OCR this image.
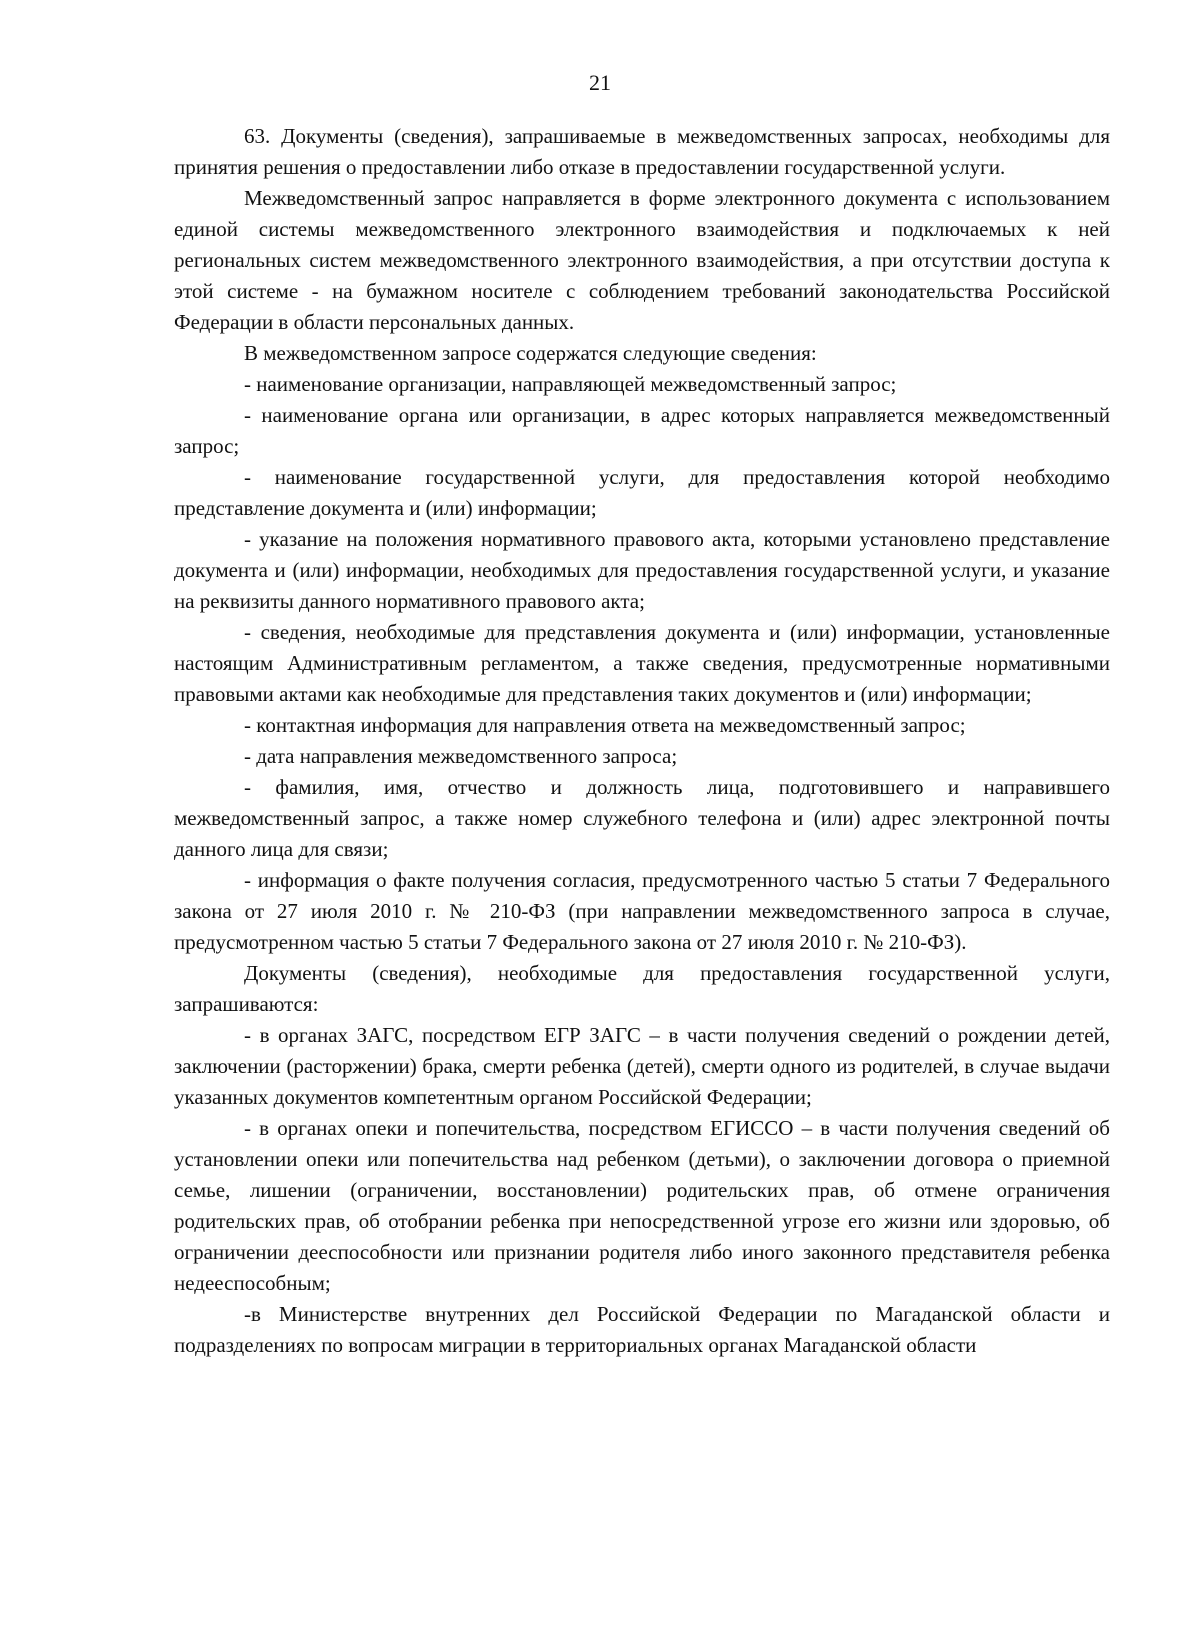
21

63. Документы (сведения), запрашиваемые в межведомственных запросах, необходимы для принятия решения о предоставлении либо отказе в предоставлении государственной услуги.

Межведомственный запрос направляется в форме электронного документа с использованием единой системы межведомственного электронного взаимодействия и подключаемых к ней региональных систем межведомственного электронного взаимодействия, а при отсутствии доступа к этой системе - на бумажном носителе с соблюдением требований законодательства Российской Федерации в области персональных данных.

В межведомственном запросе содержатся следующие сведения:

- наименование организации, направляющей межведомственный запрос;

- наименование органа или организации, в адрес которых направляется межведомственный запрос;

- наименование государственной услуги, для предоставления которой необходимо представление документа и (или) информации;

- указание на положения нормативного правового акта, которыми установлено представление документа и (или) информации, необходимых для предоставления государственной услуги, и указание на реквизиты данного нормативного правового акта;

- сведения, необходимые для представления документа и (или) информации, установленные настоящим Административным регламентом, а также сведения, предусмотренные нормативными правовыми актами как необходимые для представления таких документов и (или) информации;

- контактная информация для направления ответа на межведомственный запрос;

- дата направления межведомственного запроса;

- фамилия, имя, отчество и должность лица, подготовившего и направившего межведомственный запрос, а также номер служебного телефона и (или) адрес электронной почты данного лица для связи;

- информация о факте получения согласия, предусмотренного частью 5 статьи 7 Федерального закона от 27 июля 2010 г. № 210-ФЗ (при направлении межведомственного запроса в случае, предусмотренном частью 5 статьи 7 Федерального закона от 27 июля 2010 г. № 210-ФЗ).

Документы (сведения), необходимые для предоставления государственной услуги, запрашиваются:

- в органах ЗАГС, посредством ЕГР ЗАГС – в части получения сведений о рождении детей, заключении (расторжении) брака, смерти ребенка (детей), смерти одного из родителей, в случае выдачи указанных документов компетентным органом Российской Федерации;

- в органах опеки и попечительства, посредством ЕГИССО – в части получения сведений об установлении опеки или попечительства над ребенком (детьми), о заключении договора о приемной семье, лишении (ограничении, восстановлении) родительских прав, об отмене ограничения родительских прав, об отобрании ребенка при непосредственной угрозе его жизни или здоровью, об ограничении дееспособности или признании родителя либо иного законного представителя ребенка недееспособным;

-в Министерстве внутренних дел Российской Федерации по Магаданской области и подразделениях по вопросам миграции в территориальных органах Магаданской области
